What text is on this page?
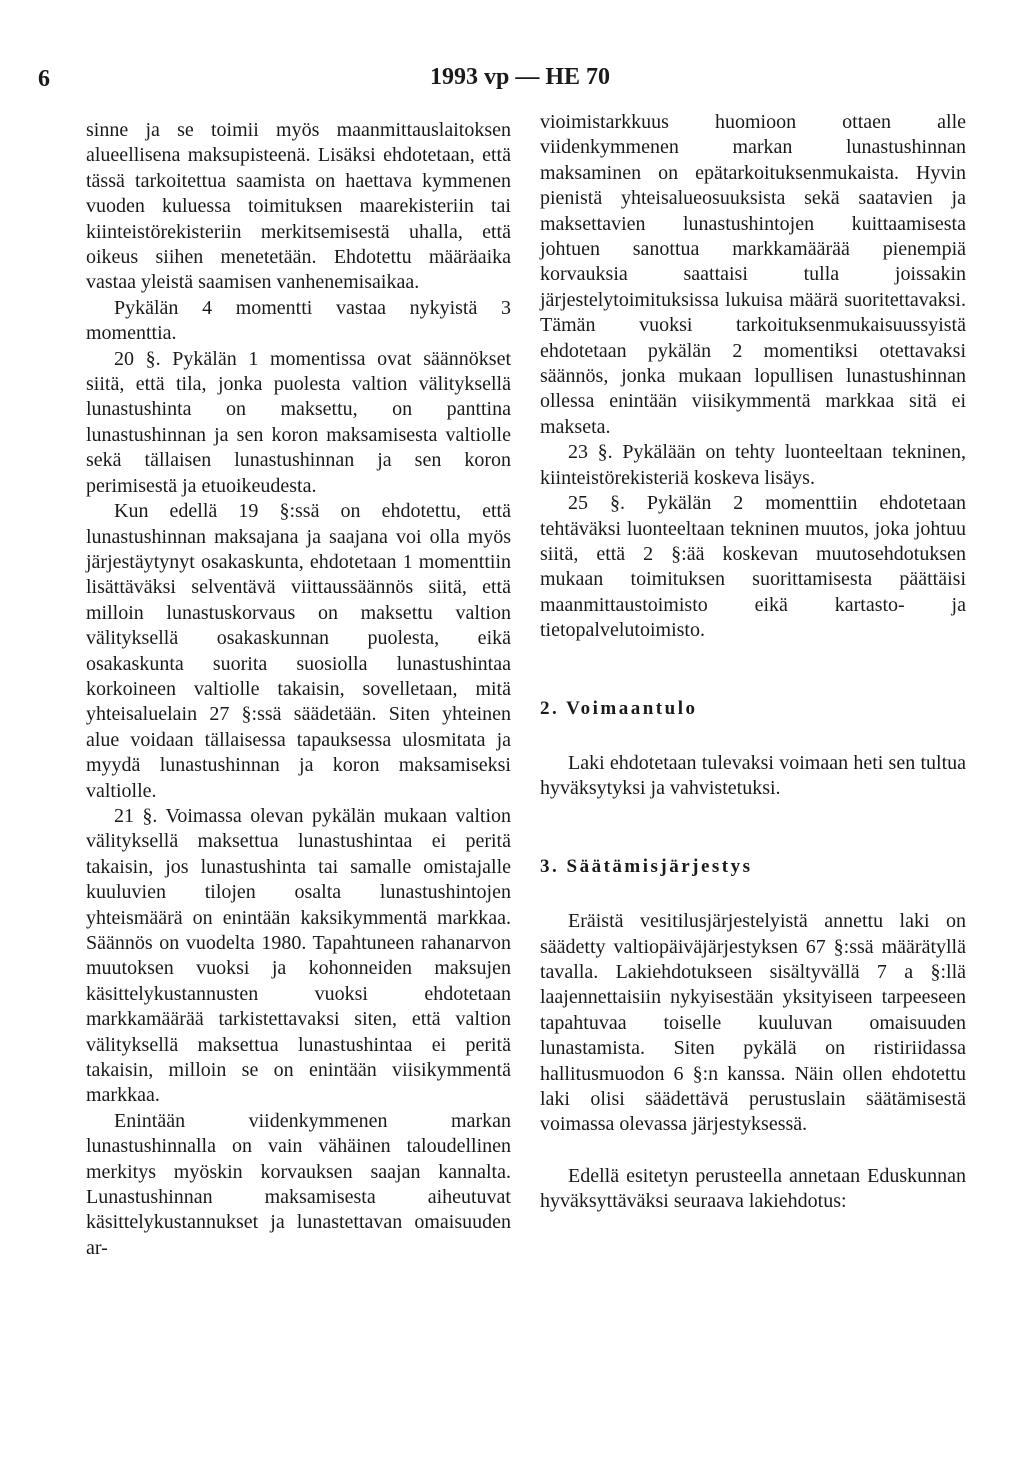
6	1993 vp — HE 70

sinne ja se toimii myös maanmittauslaitoksen alueellisena maksupisteenä. Lisäksi ehdotetaan, että tässä tarkoitettua saamista on haettava kymmenen vuoden kuluessa toimituksen maarekisteriin tai kiinteistörekisteriin merkitsemisestä uhalla, että oikeus siihen menetetään. Ehdotettu määräaika vastaa yleistä saamisen vanhenemisaikaa.

Pykälän 4 momentti vastaa nykyistä 3 momenttia.

20 §. Pykälän 1 momentissa ovat säännökset siitä, että tila, jonka puolesta valtion välityksellä lunastushinta on maksettu, on panttina lunastushinnan ja sen koron maksamisesta valtiolle sekä tällaisen lunastushinnan ja sen koron perimisestä ja etuoikeudesta.

Kun edellä 19 §:ssä on ehdotettu, että lunastushinnan maksajana ja saajana voi olla myös järjestäytynyt osakaskunta, ehdotetaan 1 momenttiin lisättäväksi selventävä viittaussäännös siitä, että milloin lunastuskorvaus on maksettu valtion välityksellä osakaskunnan puolesta, eikä osakaskunta suorita suosiolla lunastushintaa korkoineen valtiolle takaisin, sovelletaan, mitä yhteisaluelain 27 §:ssä säädetään. Siten yhteinen alue voidaan tällaisessa tapauksessa ulosmitata ja myydä lunastushinnan ja koron maksamiseksi valtiolle.

21 §. Voimassa olevan pykälän mukaan valtion välityksellä maksettua lunastushintaa ei peritä takaisin, jos lunastushinta tai samalle omistajalle kuuluvien tilojen osalta lunastushintojen yhteismäärä on enintään kaksikymmentä markkaa. Säännös on vuodelta 1980. Tapahtuneen rahanarvon muutoksen vuoksi ja kohonneiden maksujen käsittelykustannusten vuoksi ehdotetaan markkamäärää tarkistettavaksi siten, että valtion välityksellä maksettua lunastushintaa ei peritä takaisin, milloin se on enintään viisikymmentä markkaa.

Enintään viidenkymmenen markan lunastushinnalla on vain vähäinen taloudellinen merkitys myöskin korvauksen saajan kannalta. Lunastushinnan maksamisesta aiheutuvat käsittelykustannukset ja lunastettavan omaisuuden ar-

vioimistarkkuus huomioon ottaen alle viidenkymmenen markan lunastushinnan maksaminen on epätarkoituksenmukaista. Hyvin pienistä yhteisalueosuuksista sekä saatavien ja maksettavien lunastushintojen kuittaamisesta johtuen sanottua markkamäärää pienempiä korvauksia saattaisi tulla joissakin järjestelytoimituksissa lukuisa määrä suoritettavaksi. Tämän vuoksi tarkoituksenmukaisuussyistä ehdotetaan pykälän 2 momentiksi otettavaksi säännös, jonka mukaan lopullisen lunastushinnan ollessa enintään viisikymmentä markkaa sitä ei makseta.

23 §. Pykälään on tehty luonteeltaan tekninen, kiinteistörekisteriä koskeva lisäys.

25 §. Pykälän 2 momenttiin ehdotetaan tehtäväksi luonteeltaan tekninen muutos, joka johtuu siitä, että 2 §:ää koskevan muutosehdotuksen mukaan toimituksen suorittamisesta päättäisi maanmittaustoimisto eikä kartasto- ja tietopalvelutoimisto.

2. Voimaantulo

Laki ehdotetaan tulevaksi voimaan heti sen tultua hyväksytyksi ja vahvistetuksi.

3. Säätämisjärjestys

Eräistä vesitilusjärjestelyistä annettu laki on säädetty valtiopäiväjärjestyksen 67 §:ssä määrätyllä tavalla. Lakiehdotukseen sisältyvällä 7 a §:llä laajennettaisiin nykyisestään yksityiseen tarpeeseen tapahtuvaa toiselle kuuluvan omaisuuden lunastamista. Siten pykälä on ristiriidassa hallitusmuodon 6 §:n kanssa. Näin ollen ehdotettu laki olisi säädettävä perustuslain säätämisestä voimassa olevassa järjestyksessä.

Edellä esitetyn perusteella annetaan Eduskunnan hyväksyttäväksi seuraava lakiehdotus:
